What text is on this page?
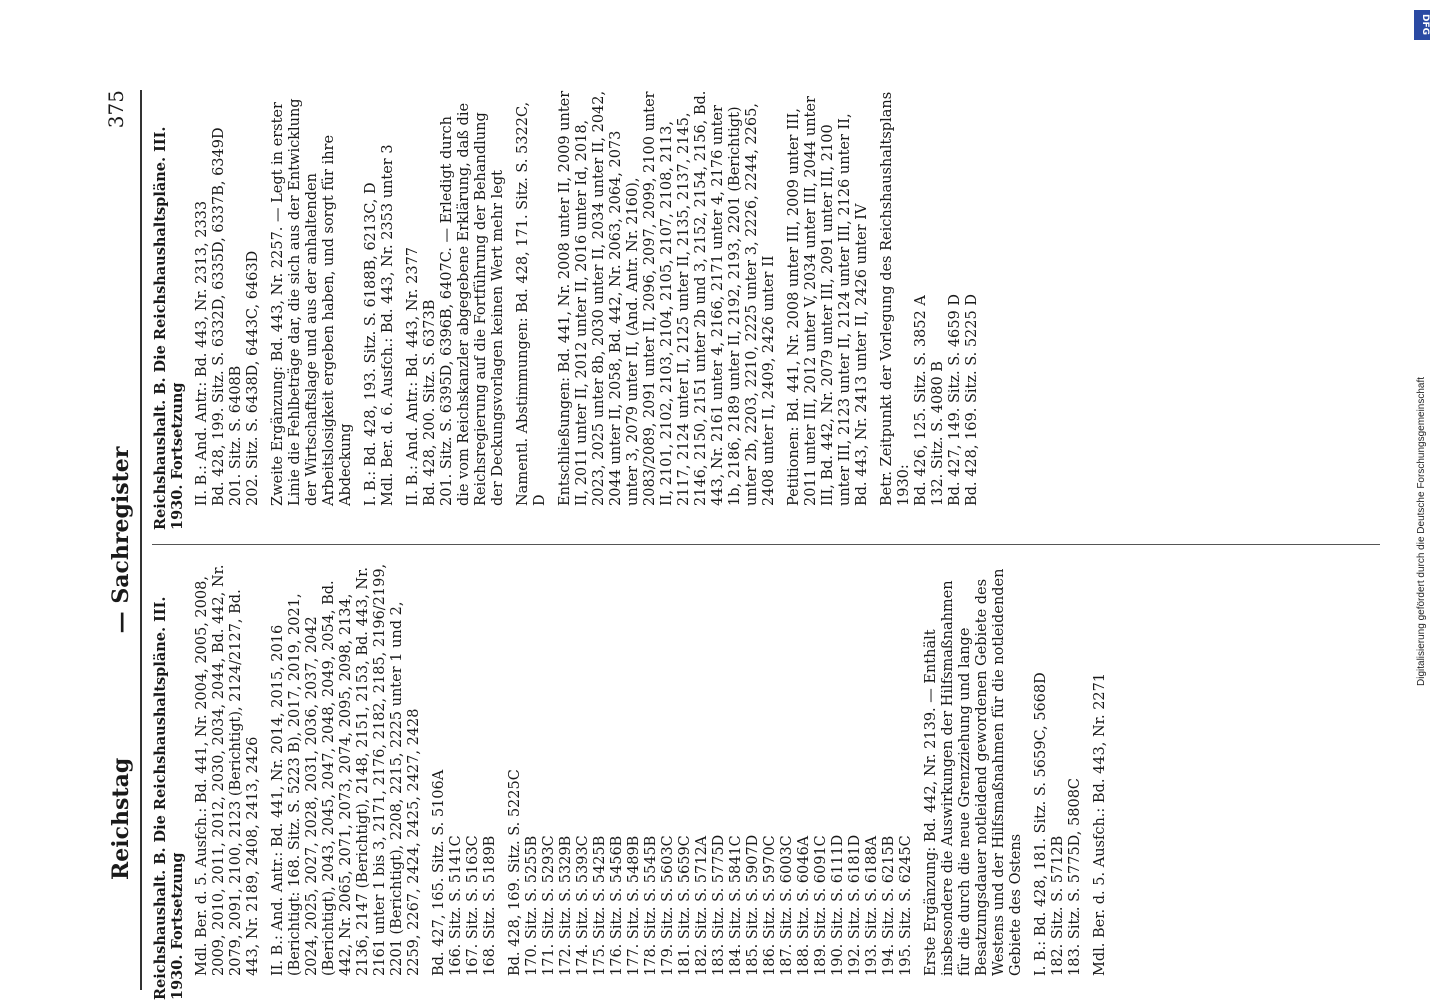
Reichstag
— Sachregister
375
Reichshaushalt. B. Die Reichshaushaltspläne. III. 1930. Fortsetzung Mdl. Ber. d. 5. Ausfch.: Bd. 441, Nr. 2004, 2005, 2008, 2009, 2010, 2011, 2012, 2030, 2034, 2044, Bd. 442, Nr. 2079, 2091, 2100, 2123 (Berichtigt), 2124/2127, Bd. 443, Nr. 2189, 2408, 2413, 2426 II. B.: And. Antr.: Bd. 441, Nr. 2014, 2015, 2016 (Berichtigt: 168. Sitz. S. 5223 B), 2017, 2019, 2021, 2024, 2025, 2027, 2028, 2031, 2036, 2037, 2042 (Berichtigt), 2043, 2045, 2047, 2048, 2049, 2054, Bd. 442, Nr. 2065, 2071, 2073, 2074, 2095, 2098, 2134, 2136, 2147 (Berichtigt), 2148, 2151, 2153, Bd. 443, Nr. 2161 unter 1 bis 3, 2171, 2176, 2182, 2185, 2196/2199, 2201 (Berichtigt), 2208, 2215, 2225 unter 1 und 2, 2259, 2267, 2424, 2425, 2427, 2428 Bd. 427, 165. Sitz. S. 5106A
166. Sitz. S. 5141C
167. Sitz. S. 5163C
168. Sitz. S. 5189B
Bd. 428, 169. Sitz. S. 5225C
170. Sitz. S. 5255B
171. Sitz. S. 5293C
172. Sitz. S. 5329B
174. Sitz. S. 5393C
175. Sitz. S. 5425B
176. Sitz. S. 5456B
177. Sitz. S. 5489B
178. Sitz. S. 5545B
179. Sitz. S. 5603C
181. Sitz. S. 5659C
182. Sitz. S. 5712A
183. Sitz. S. 5775D
184. Sitz. S. 5841C
185. Sitz. S. 5907D
186. Sitz. S. 5970C
187. Sitz. S. 6003C
188. Sitz. S. 6046A
189. Sitz. S. 6091C
190. Sitz. S. 6111D
192. Sitz. S. 6181D
193. Sitz. S. 6188A
194. Sitz. S. 6215B
195. Sitz. S. 6245C Erste Ergänzung: Bd. 442, Nr. 2139. — Enthält insbesondere die Auswirkungen der Hilfsmaßnahmen für die durch die neue Grenzziehung und lange Besatzungsdauer notleidend gewordenen Gebiete des Westens und der Hilfsmaßnahmen für die notleidenden Gebiete des Ostens I. B.: Bd. 428, 181. Sitz. S. 5659C, 5668D
182. Sitz. S. 5712B
183. Sitz. S. 5775D, 5808C Mdl. Ber. d. 5. Ausfch.: Bd. 443, Nr. 2271
Reichshaushalt. B. Die Reichshaushaltspläne. III. 1930. Fortsetzung II. B.: And. Antr.: Bd. 443, Nr. 2313, 2333
Bd. 428, 199. Sitz. S. 6332D, 6335D, 6337B, 6349D
201. Sitz. S. 6408B
202. Sitz. S. 6438D, 6443C, 6463D Zweite Ergänzung: Bd. 443, Nr. 2257. — Legt in erster Linie die Fehlbeträge dar, die sich aus der Entwicklung der Wirtschaftslage und aus der anhaltenden Arbeitslosigkeit ergeben haben, und sorgt für ihre Abdeckung I. B.: Bd. 428, 193. Sitz. S. 6188B, 6213C, D
Mdl. Ber. d. 6. Ausfch.: Bd. 443, Nr. 2353 unter 3
II. B.: And. Antr.: Bd. 443, Nr. 2377
Bd. 428, 200. Sitz. S. 6373B
201. Sitz. S. 6395D, 6396B, 6407C. — Erledigt durch die vom Reichskanzler abgegebene Erklärung, daß die Reichsregierung auf die Fortführung der Behandlung der Deckungsvorlagen keinen Wert mehr legt Namentl. Abstimmungen: Bd. 428, 171. Sitz. S. 5322C, D Entschließungen: Bd. 441, Nr. 2008 unter II, 2009 unter II, 2011 unter II, 2012 unter II, 2016 unter Id, 2018, 2023, 2025 unter 8b, 2030 unter II, 2034 unter II, 2042, 2044 unter II, 2058, Bd. 442, Nr. 2063, 2064, 2073 unter 3, 2079 unter II, (And. Antr. Nr. 2160), 2083/2089, 2091 unter II, 2096, 2097, 2099, 2100 unter II, 2101, 2102, 2103, 2104, 2105, 2107, 2108, 2113, 2117, 2124 unter II, 2125 unter II, 2135, 2137, 2145, 2146, 2150, 2151 unter 2b und 3, 2152, 2154, 2156, Bd. 443, Nr. 2161 unter 4, 2166, 2171 unter 4, 2176 unter 1b, 2186, 2189 unter II, 2192, 2193, 2201 (Berichtigt) unter 2b, 2203, 2210, 2225 unter 3, 2226, 2244, 2265, 2408 unter II, 2409, 2426 unter II Petitionen: Bd. 441, Nr. 2008 unter III, 2009 unter III, 2011 unter III, 2012 unter V, 2034 unter III, 2044 unter III, Bd. 442, Nr. 2079 unter III, 2091 unter III, 2100 unter III, 2123 unter II, 2124 unter III, 2126 unter II, Bd. 443, Nr. 2413 unter II, 2426 unter IV Betr. Zeitpunkt der Vorlegung des Reichshaushaltsplans 1930:
Bd. 426, 125. Sitz. S. 3852 A
132. Sitz. S. 4080 B
Bd. 427, 149. Sitz. S. 4659 D
Bd. 428, 169. Sitz. S. 5225 D
DFG
Digitalisierung gefördert durch die Deutsche Forschungsgemeinschaft
